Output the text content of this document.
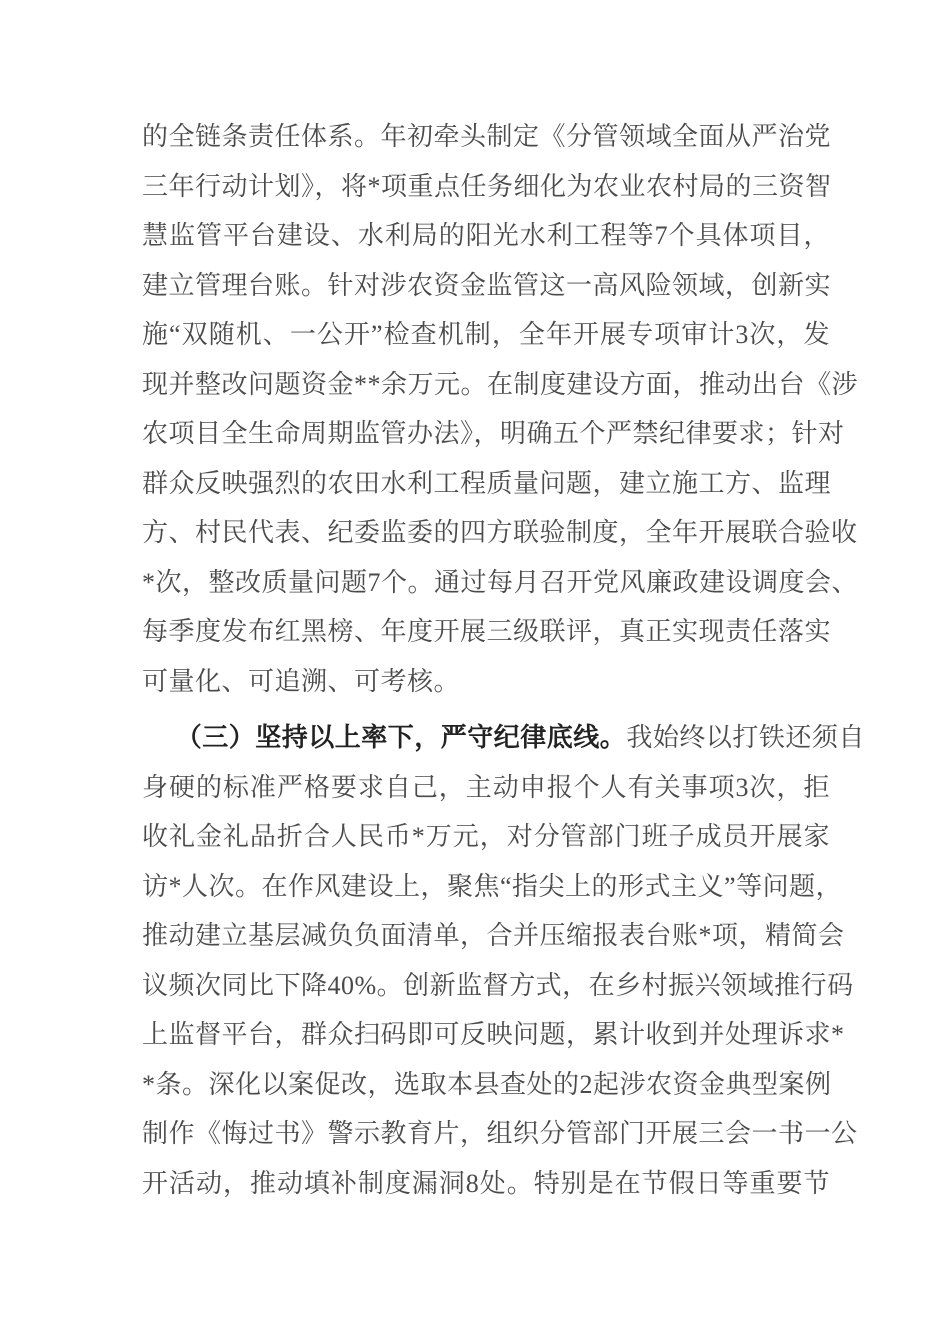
的全链条责任体系。年初牵头制定《分管领域全面从严治党
三年行动计划》，将*项重点任务细化为农业农村局的三资智
慧监管平台建设、水利局的阳光水利工程等7个具体项目，
建立管理台账。针对涉农资金监管这一高风险领域，创新实
施“双随机、一公开”检查机制，全年开展专项审计3次，发
现并整改问题资金**余万元。在制度建设方面，推动出台《涉
农项目全生命周期监管办法》，明确五个严禁纪律要求；针对
群众反映强烈的农田水利工程质量问题，建立施工方、监理
方、村民代表、纪委监委的四方联验制度，全年开展联合验收
*次，整改质量问题7个。通过每月召开党风廉政建设调度会、
每季度发布红黑榜、年度开展三级联评，真正实现责任落实
可量化、可追溯、可考核。
（三）坚持以上率下，严守纪律底线。我始终以打铁还须自
身硬的标准严格要求自己，主动申报个人有关事项3次，拒
收礼金礼品折合人民币*万元，对分管部门班子成员开展家
访*人次。在作风建设上，聚焦“指尖上的形式主义”等问题，
推动建立基层减负负面清单，合并压缩报表台账*项，精简会
议频次同比下降40%。创新监督方式，在乡村振兴领域推行码
上监督平台，群众扫码即可反映问题，累计收到并处理诉求*
*条。深化以案促改，选取本县查处的2起涉农资金典型案例
制作《悔过书》警示教育片，组织分管部门开展三会一书一公
开活动，推动填补制度漏洞8处。特别是在节假日等重要节
